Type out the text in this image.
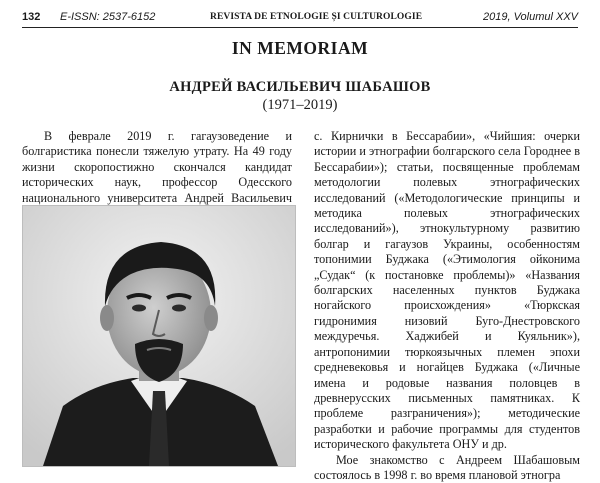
132 E-ISSN: 2537-6152	REVISTA DE ETNOLOGIE ȘI CULTUROLOGIE	2019, Volumul XXV
IN MEMORIAM
АНДРЕЙ ВАСИЛЬЕВИЧ ШАБАШОВ
(1971–2019)

В феврале 2019 г. гагаузоведение и болгаристика понесли тяжелую утрату. На 49 году жизни скоропостижно скончался кандидат исторических наук, профессор Одесского национального университета Андрей Васильевич

с. Кирнички в Бессарабии», «Чийшия: очерки истории и этнографии болгарского села Городнее в Бессарабии»); статьи, посвященные проблемам методологии полевых этнографических исследований («Методологические принципы и методика полевых этнографических исследований»), этнокультурному развитию болгар и гагаузов Украины, особенностям топонимии Буджака («Этимология ойконима „Судак“ (к постановке проблемы)» «Названия болгарских населенных пунктов Буджака ногайского происхождения» «Тюркская гидронимия низовий Буго-Днестровского междуречья. Хаджибей и Куяльник»), антропонимии тюркоязычных племен эпохи средневековья и ногайцев Буджака («Личные имена и родовые названия половцев в древнерусских письменных памятниках. К проблеме разграничения»); методические разработки и рабочие программы для студентов исторического факультета ОНУ и др.

Мое знакомство с Андреем Шабашовым состоялось в 1998 г. во время плановой этногра
